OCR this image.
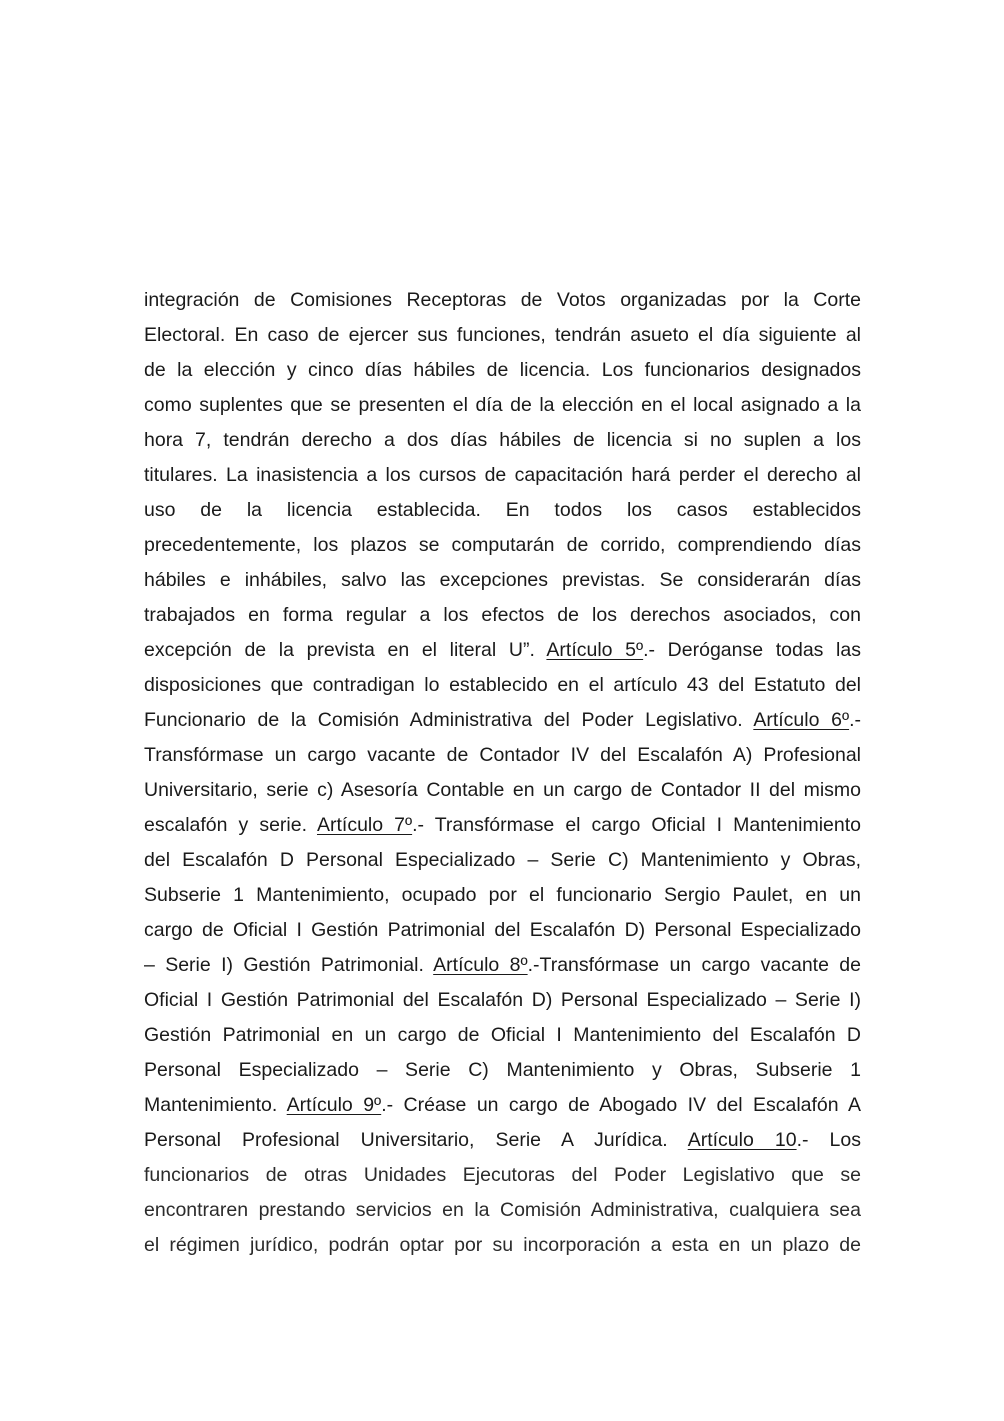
integración de Comisiones Receptoras de Votos organizadas por la Corte
Electoral. En caso de ejercer sus funciones, tendrán asueto el día siguiente al
de la elección y cinco días hábiles de licencia. Los funcionarios designados
como suplentes que se presenten el día de la elección en el local asignado a la
hora 7, tendrán derecho a dos días hábiles de licencia si no suplen a los
titulares. La inasistencia a los cursos de capacitación hará perder el derecho al
uso de la licencia establecida. En todos los casos establecidos
precedentemente, los plazos se computarán de corrido, comprendiendo días
hábiles e inhábiles, salvo las excepciones previstas. Se considerarán días
trabajados en forma regular a los efectos de los derechos asociados, con
excepción de la prevista en el literal U”. Artículo 5º.- Deróganse todas las
disposiciones que contradigan lo establecido en el artículo 43 del Estatuto del
Funcionario de la Comisión Administrativa del Poder Legislativo. Artículo 6º.-
Transfórmase un cargo vacante de Contador IV del Escalafón A) Profesional
Universitario, serie c) Asesoría Contable en un cargo de Contador II del mismo
escalafón y serie. Artículo 7º.- Transfórmase el cargo Oficial I Mantenimiento
del Escalafón D Personal Especializado – Serie C) Mantenimiento y Obras,
Subserie 1 Mantenimiento, ocupado por el funcionario Sergio Paulet, en un
cargo de Oficial I Gestión Patrimonial del Escalafón D) Personal Especializado
– Serie I) Gestión Patrimonial. Artículo 8º.-Transfórmase un cargo vacante de
Oficial I Gestión Patrimonial del Escalafón D) Personal Especializado – Serie I)
Gestión Patrimonial en un cargo de Oficial I Mantenimiento del Escalafón D
Personal Especializado – Serie C) Mantenimiento y Obras, Subserie 1
Mantenimiento. Artículo 9º.- Créase un cargo de Abogado IV del Escalafón A
Personal Profesional Universitario, Serie A Jurídica. Artículo 10.- Los
funcionarios de otras Unidades Ejecutoras del Poder Legislativo que se
encontraren prestando servicios en la Comisión Administrativa, cualquiera sea
el régimen jurídico, podrán optar por su incorporación a esta en un plazo de
